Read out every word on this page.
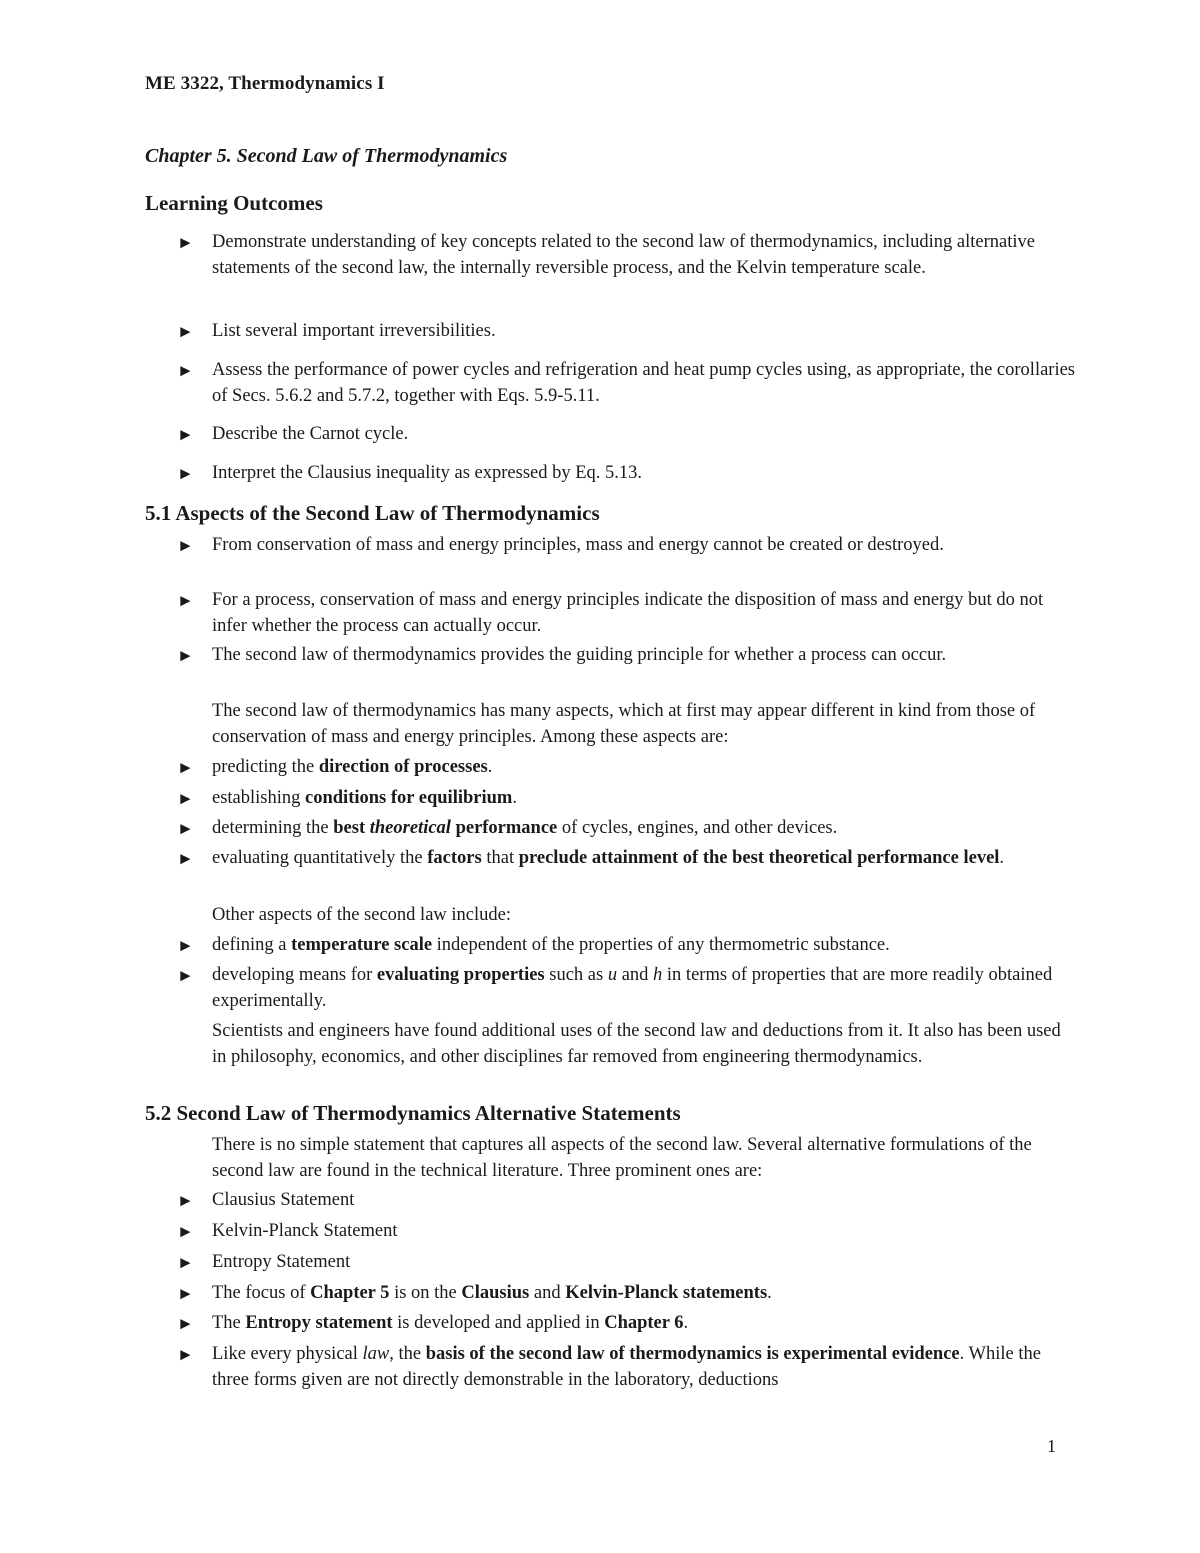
ME 3322, Thermodynamics I
Chapter 5. Second Law of Thermodynamics
Learning Outcomes
► Demonstrate understanding of key concepts related to the second law of thermodynamics, including alternative statements of the second law, the internally reversible process, and the Kelvin temperature scale.
► List several important irreversibilities.
► Assess the performance of power cycles and refrigeration and heat pump cycles using, as appropriate, the corollaries of Secs. 5.6.2 and 5.7.2, together with Eqs. 5.9-5.11.
► Describe the Carnot cycle.
► Interpret the Clausius inequality as expressed by Eq. 5.13.
5.1 Aspects of the Second Law of Thermodynamics
► From conservation of mass and energy principles, mass and energy cannot be created or destroyed.
► For a process, conservation of mass and energy principles indicate the disposition of mass and energy but do not infer whether the process can actually occur.
► The second law of thermodynamics provides the guiding principle for whether a process can occur.
The second law of thermodynamics has many aspects, which at first may appear different in kind from those of conservation of mass and energy principles. Among these aspects are:
► predicting the direction of processes.
► establishing conditions for equilibrium.
► determining the best theoretical performance of cycles, engines, and other devices.
► evaluating quantitatively the factors that preclude attainment of the best theoretical performance level.
Other aspects of the second law include:
► defining a temperature scale independent of the properties of any thermometric substance.
► developing means for evaluating properties such as u and h in terms of properties that are more readily obtained experimentally.
Scientists and engineers have found additional uses of the second law and deductions from it. It also has been used in philosophy, economics, and other disciplines far removed from engineering thermodynamics.
5.2 Second Law of Thermodynamics Alternative Statements
There is no simple statement that captures all aspects of the second law. Several alternative formulations of the second law are found in the technical literature. Three prominent ones are:
► Clausius Statement
► Kelvin-Planck Statement
► Entropy Statement
► The focus of Chapter 5 is on the Clausius and Kelvin-Planck statements.
► The Entropy statement is developed and applied in Chapter 6.
► Like every physical law, the basis of the second law of thermodynamics is experimental evidence. While the three forms given are not directly demonstrable in the laboratory, deductions
1
